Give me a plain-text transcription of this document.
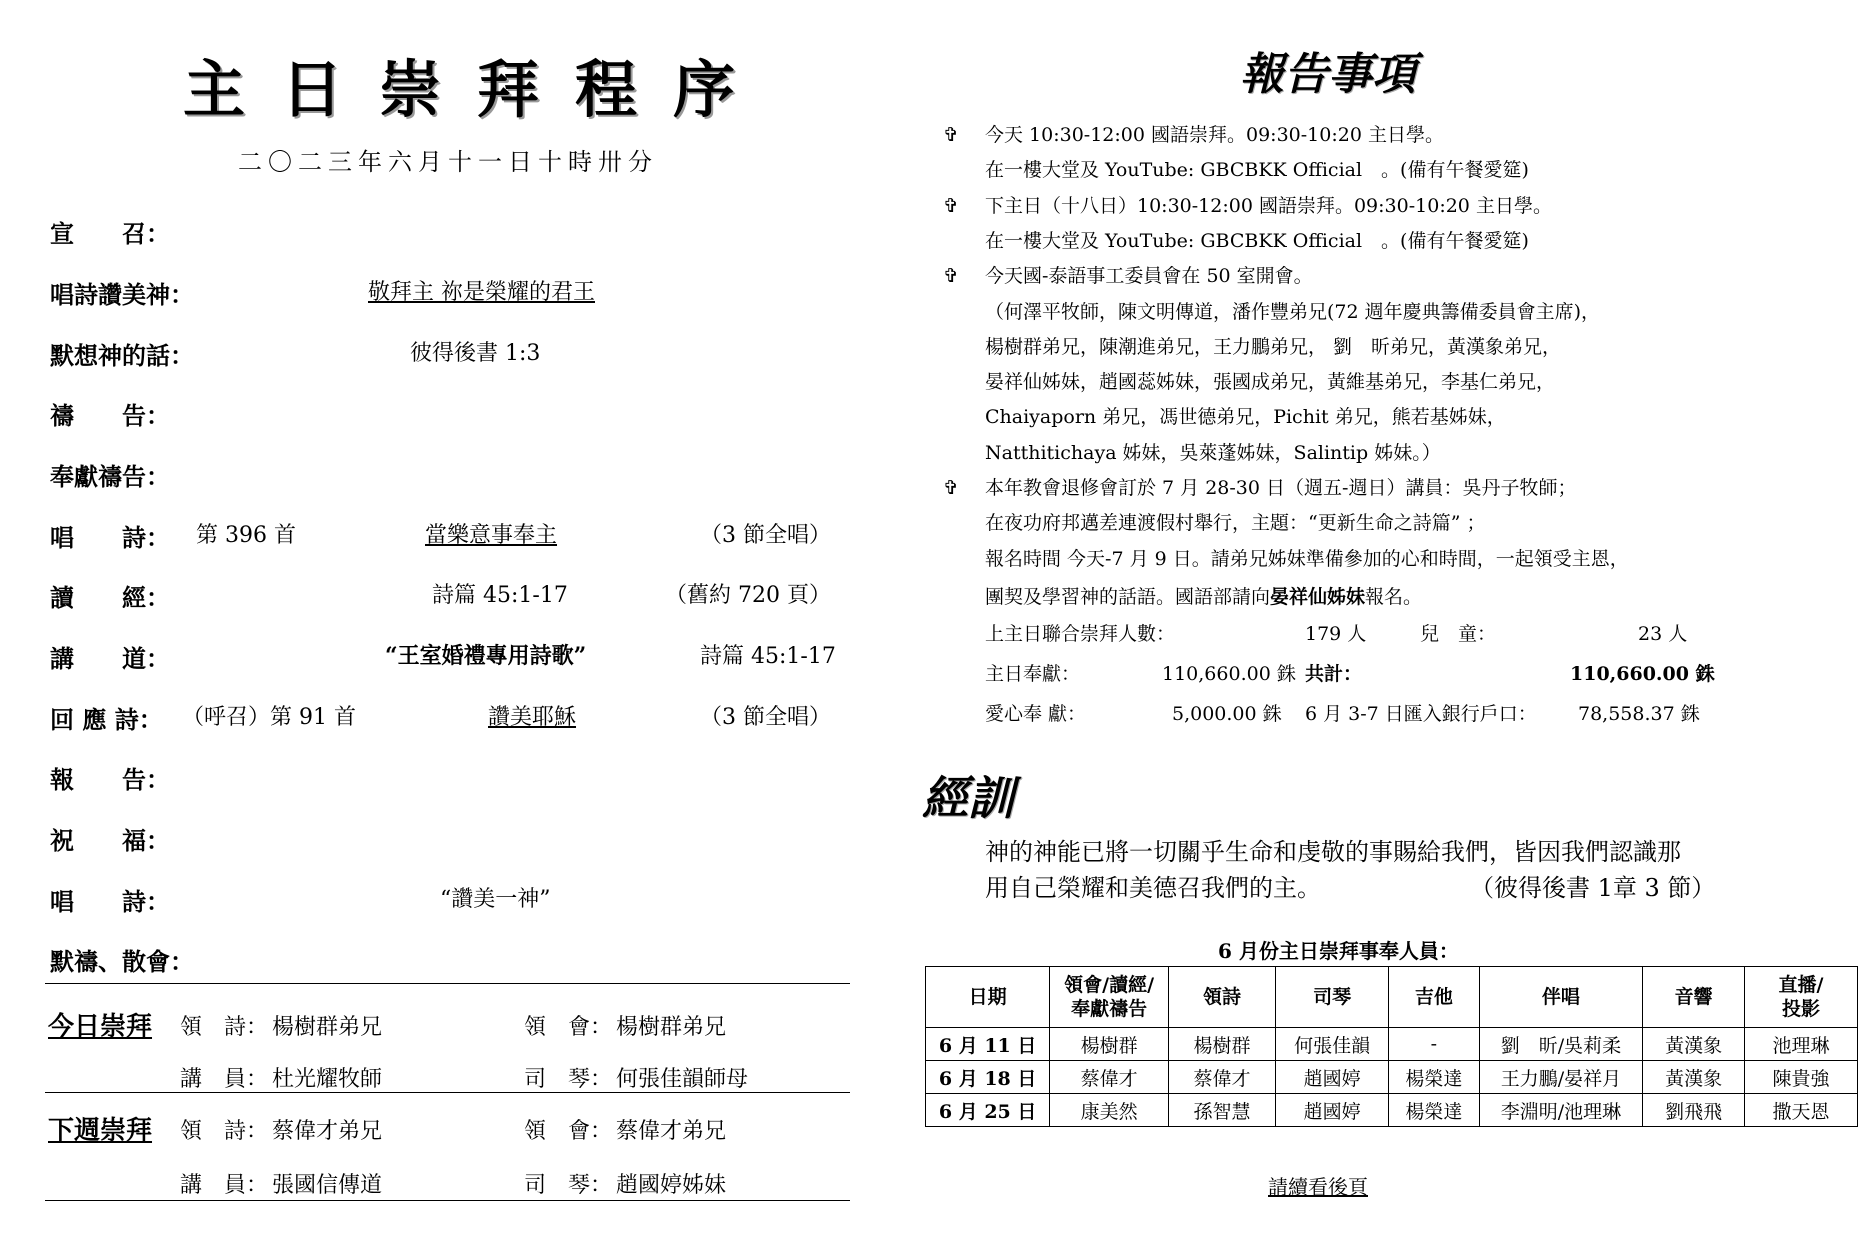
主日崇拜程序
二〇二三年六月十一日十時卅分
宣　　召：
唱詩讚美神：	敬拜主 祢是榮耀的君王
默想神的話：	彼得後書 1:3
禱　　告：
奉獻禱告：
唱　　詩： 第 396 首	當樂意事奉主	（3 節全唱）
讀　　經：	詩篇 45:1-17	（舊約 720 頁）
講　　道：	“王室婚禮專用詩歌”	詩篇 45:1-17
回 應 詩： （呼召）第 91 首	讚美耶穌	（3 節全唱）
報　　告：
祝　　福：
唱　　詩：	“讚美一神”
默禱、散會：
今日崇拜 領　詩： 楊樹群弟兄	領　會： 楊樹群弟兄
講　員： 杜光耀牧師	司　琴： 何張佳韻師母
下週崇拜 領　詩： 蔡偉才弟兄	領　會： 蔡偉才弟兄
講　員： 張國信傳道	司　琴： 趙國婷姊妹
報告事項
✞ 今天 10:30-12:00 國語崇拜。09:30-10:20 主日學。
在一樓大堂及 YouTube: GBCBKK Official　。(備有午餐愛筵)
✞ 下主日（十八日）10:30-12:00 國語崇拜。09:30-10:20 主日學。
在一樓大堂及 YouTube: GBCBKK Official　。(備有午餐愛筵)
✞ 今天國-泰語事工委員會在 50 室開會。
（何澤平牧師，陳文明傳道，潘作豐弟兄(72 週年慶典籌備委員會主席)，
楊樹群弟兄，陳潮進弟兄，王力鵬弟兄， 劉　昕弟兄，黃漢象弟兄，
晏祥仙姊妹，趙國蕊姊妹，張國成弟兄，黃維基弟兄，李基仁弟兄，
Chaiyaporn 弟兄，馮世德弟兄，Pichit 弟兄，熊若基姊妹，
Natthitichaya 姊妹，吳萊蓬姊妹，Salintip 姊妹。）
✞ 本年教會退修會訂於 7 月 28-30 日（週五-週日）講員：吳丹子牧師；
在夜功府邦邁差連渡假村舉行，主題：“更新生命之詩篇” ；
報名時間 今天-7 月 9 日。請弟兄姊妹準備參加的心和時間，一起領受主恩，
團契及學習神的話語。國語部請向晏祥仙姊妹報名。
上主日聯合崇拜人數：	179 人	兒　童：	23 人
主日奉獻：	110,660.00 銖 共計：	110,660.00 銖
愛心奉 獻：	5,000.00 銖 6 月 3-7 日匯入銀行戶口： 78,558.37 銖
經訓
神的神能已將一切關乎生命和虔敬的事賜給我們，皆因我們認識那
用自己榮耀和美德召我們的主。	（彼得後書 1章 3 節）
6 月份主日崇拜事奉人員：
日期	領會/讀經/
奉獻禱告	領詩	司琴	吉他	伴唱	音響	直播/
投影
6 月 11 日	楊樹群	楊樹群	何張佳韻	-	劉　昕/吳莉柔	黃漢象	池理琳
6 月 18 日	蔡偉才	蔡偉才	趙國婷	楊榮達	王力鵬/晏祥月	黃漢象	陳貴強
6 月 25 日	康美然	孫智慧	趙國婷	楊榮達	李淵明/池理琳	劉飛飛	撒天恩
請續看後頁
